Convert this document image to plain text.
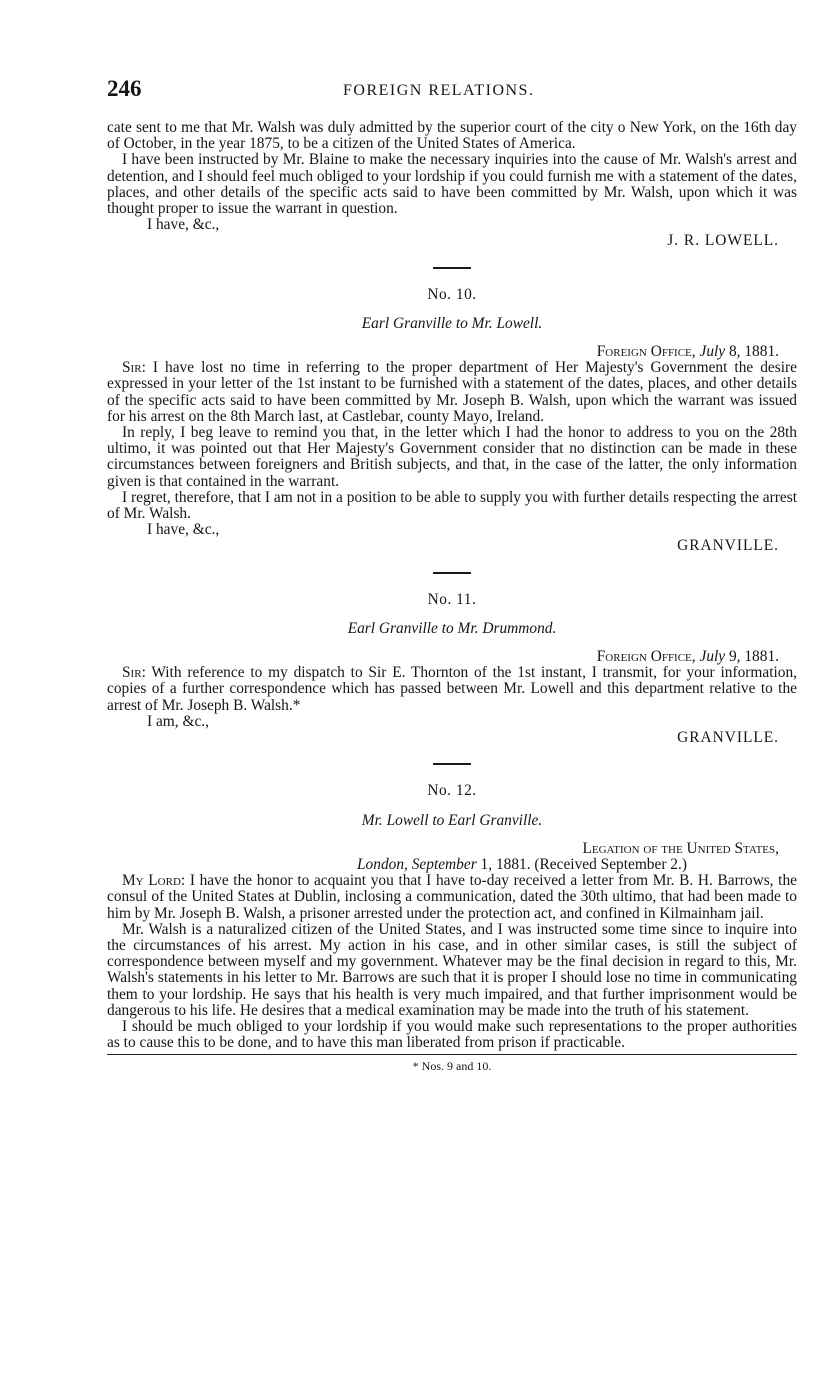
246	FOREIGN RELATIONS.

cate sent to me that Mr. Walsh was duly admitted by the superior court of the city o New York, on the 16th day of October, in the year 1875, to be a citizen of the United States of America.

I have been instructed by Mr. Blaine to make the necessary inquiries into the cause of Mr. Walsh's arrest and detention, and I should feel much obliged to your lordship if you could furnish me with a statement of the dates, places, and other details of the specific acts said to have been committed by Mr. Walsh, upon which it was thought proper to issue the warrant in question.

I have, &c.,

J. R. LOWELL.

No. 10.
Earl Granville to Mr. Lowell.

Foreign Office, July 8, 1881.

Sir: I have lost no time in referring to the proper department of Her Majesty's Government the desire expressed in your letter of the 1st instant to be furnished with a statement of the dates, places, and other details of the specific acts said to have been committed by Mr. Joseph B. Walsh, upon which the warrant was issued for his arrest on the 8th March last, at Castlebar, county Mayo, Ireland.

In reply, I beg leave to remind you that, in the letter which I had the honor to address to you on the 28th ultimo, it was pointed out that Her Majesty's Government consider that no distinction can be made in these circumstances between foreigners and British subjects, and that, in the case of the latter, the only information given is that contained in the warrant.

I regret, therefore, that I am not in a position to be able to supply you with further details respecting the arrest of Mr. Walsh.

I have, &c.,

GRANVILLE.

No. 11.
Earl Granville to Mr. Drummond.

Foreign Office, July 9, 1881.

Sir: With reference to my dispatch to Sir E. Thornton of the 1st instant, I transmit, for your information, copies of a further correspondence which has passed between Mr. Lowell and this department relative to the arrest of Mr. Joseph B. Walsh.*

I am, &c.,

GRANVILLE.

No. 12.
Mr. Lowell to Earl Granville.

Legation of the United States,

London, September 1, 1881. (Received September 2.)

My Lord: I have the honor to acquaint you that I have to-day received a letter from Mr. B. H. Barrows, the consul of the United States at Dublin, inclosing a communication, dated the 30th ultimo, that had been made to him by Mr. Joseph B. Walsh, a prisoner arrested under the protection act, and confined in Kilmainham jail.

Mr. Walsh is a naturalized citizen of the United States, and I was instructed some time since to inquire into the circumstances of his arrest. My action in his case, and in other similar cases, is still the subject of correspondence between myself and my government. Whatever may be the final decision in regard to this, Mr. Walsh's statements in his letter to Mr. Barrows are such that it is proper I should lose no time in communicating them to your lordship. He says that his health is very much impaired, and that further imprisonment would be dangerous to his life. He desires that a medical examination may be made into the truth of his statement.

I should be much obliged to your lordship if you would make such representations to the proper authorities as to cause this to be done, and to have this man liberated from prison if practicable.

* Nos. 9 and 10.
